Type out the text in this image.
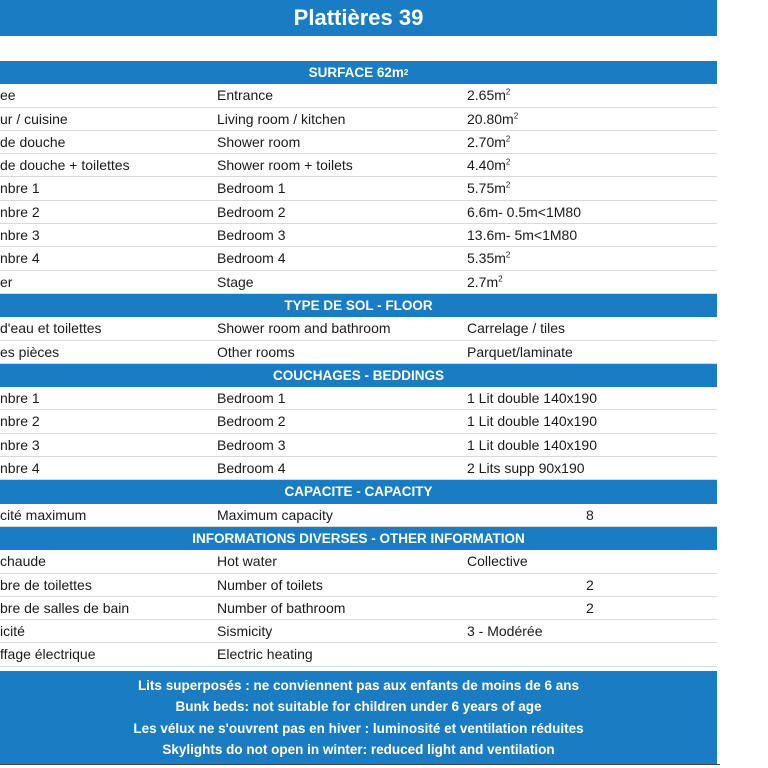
Plattières 39
SURFACE 62m 2
ee	Entrance	$2.65m^2$
ur / cuisine	Living room / kitchen	$20.80m^2$
de douche	Shower room	$2.70m^2$
de douche + toilettes	Shower room + toilets	$4.40m^2$
nbre 1	Bedroom 1	$5.75m^2$
nbre 2	Bedroom 2	6.6m- 0.5m<1M80
nbre 3	Bedroom 3	13.6m- 5m<1M80
nbre 4	Bedroom 4	$5.35m^2$
er	Stage	$2.7m^2$
TYPE DE SOL - FLOOR
d'eau et toilettes	Shower room and bathroom	Carrelage / tiles
es pièces	Other rooms	Parquet/laminate
COUCHAGES - BEDDINGS
nbre 1	Bedroom 1	1 Lit double 140x190
nbre 2	Bedroom 2	1 Lit double 140x190
nbre 3	Bedroom 3	1 Lit double 140x190
nbre 4	Bedroom 4	2 Lits supp 90x190
CAPACITE - CAPACITY
cité maximum	Maximum capacity	8
INFORMATIONS DIVERSES - OTHER INFORMATION
chaude	Hot water	Collective
bre de toilettes	Number of toilets	2
bre de salles de bain	Number of bathroom	2
icité	Sismicity	3 - Modérée
ffage électrique	Electric heating
Lits superposés : ne conviennent pas aux enfants de moins de 6 ans
Bunk beds: not suitable for children under 6 years of age
Les vélux ne s'ouvrent pas en hiver : luminosité et ventilation réduites
Skylights do not open in winter: reduced light and ventilation
